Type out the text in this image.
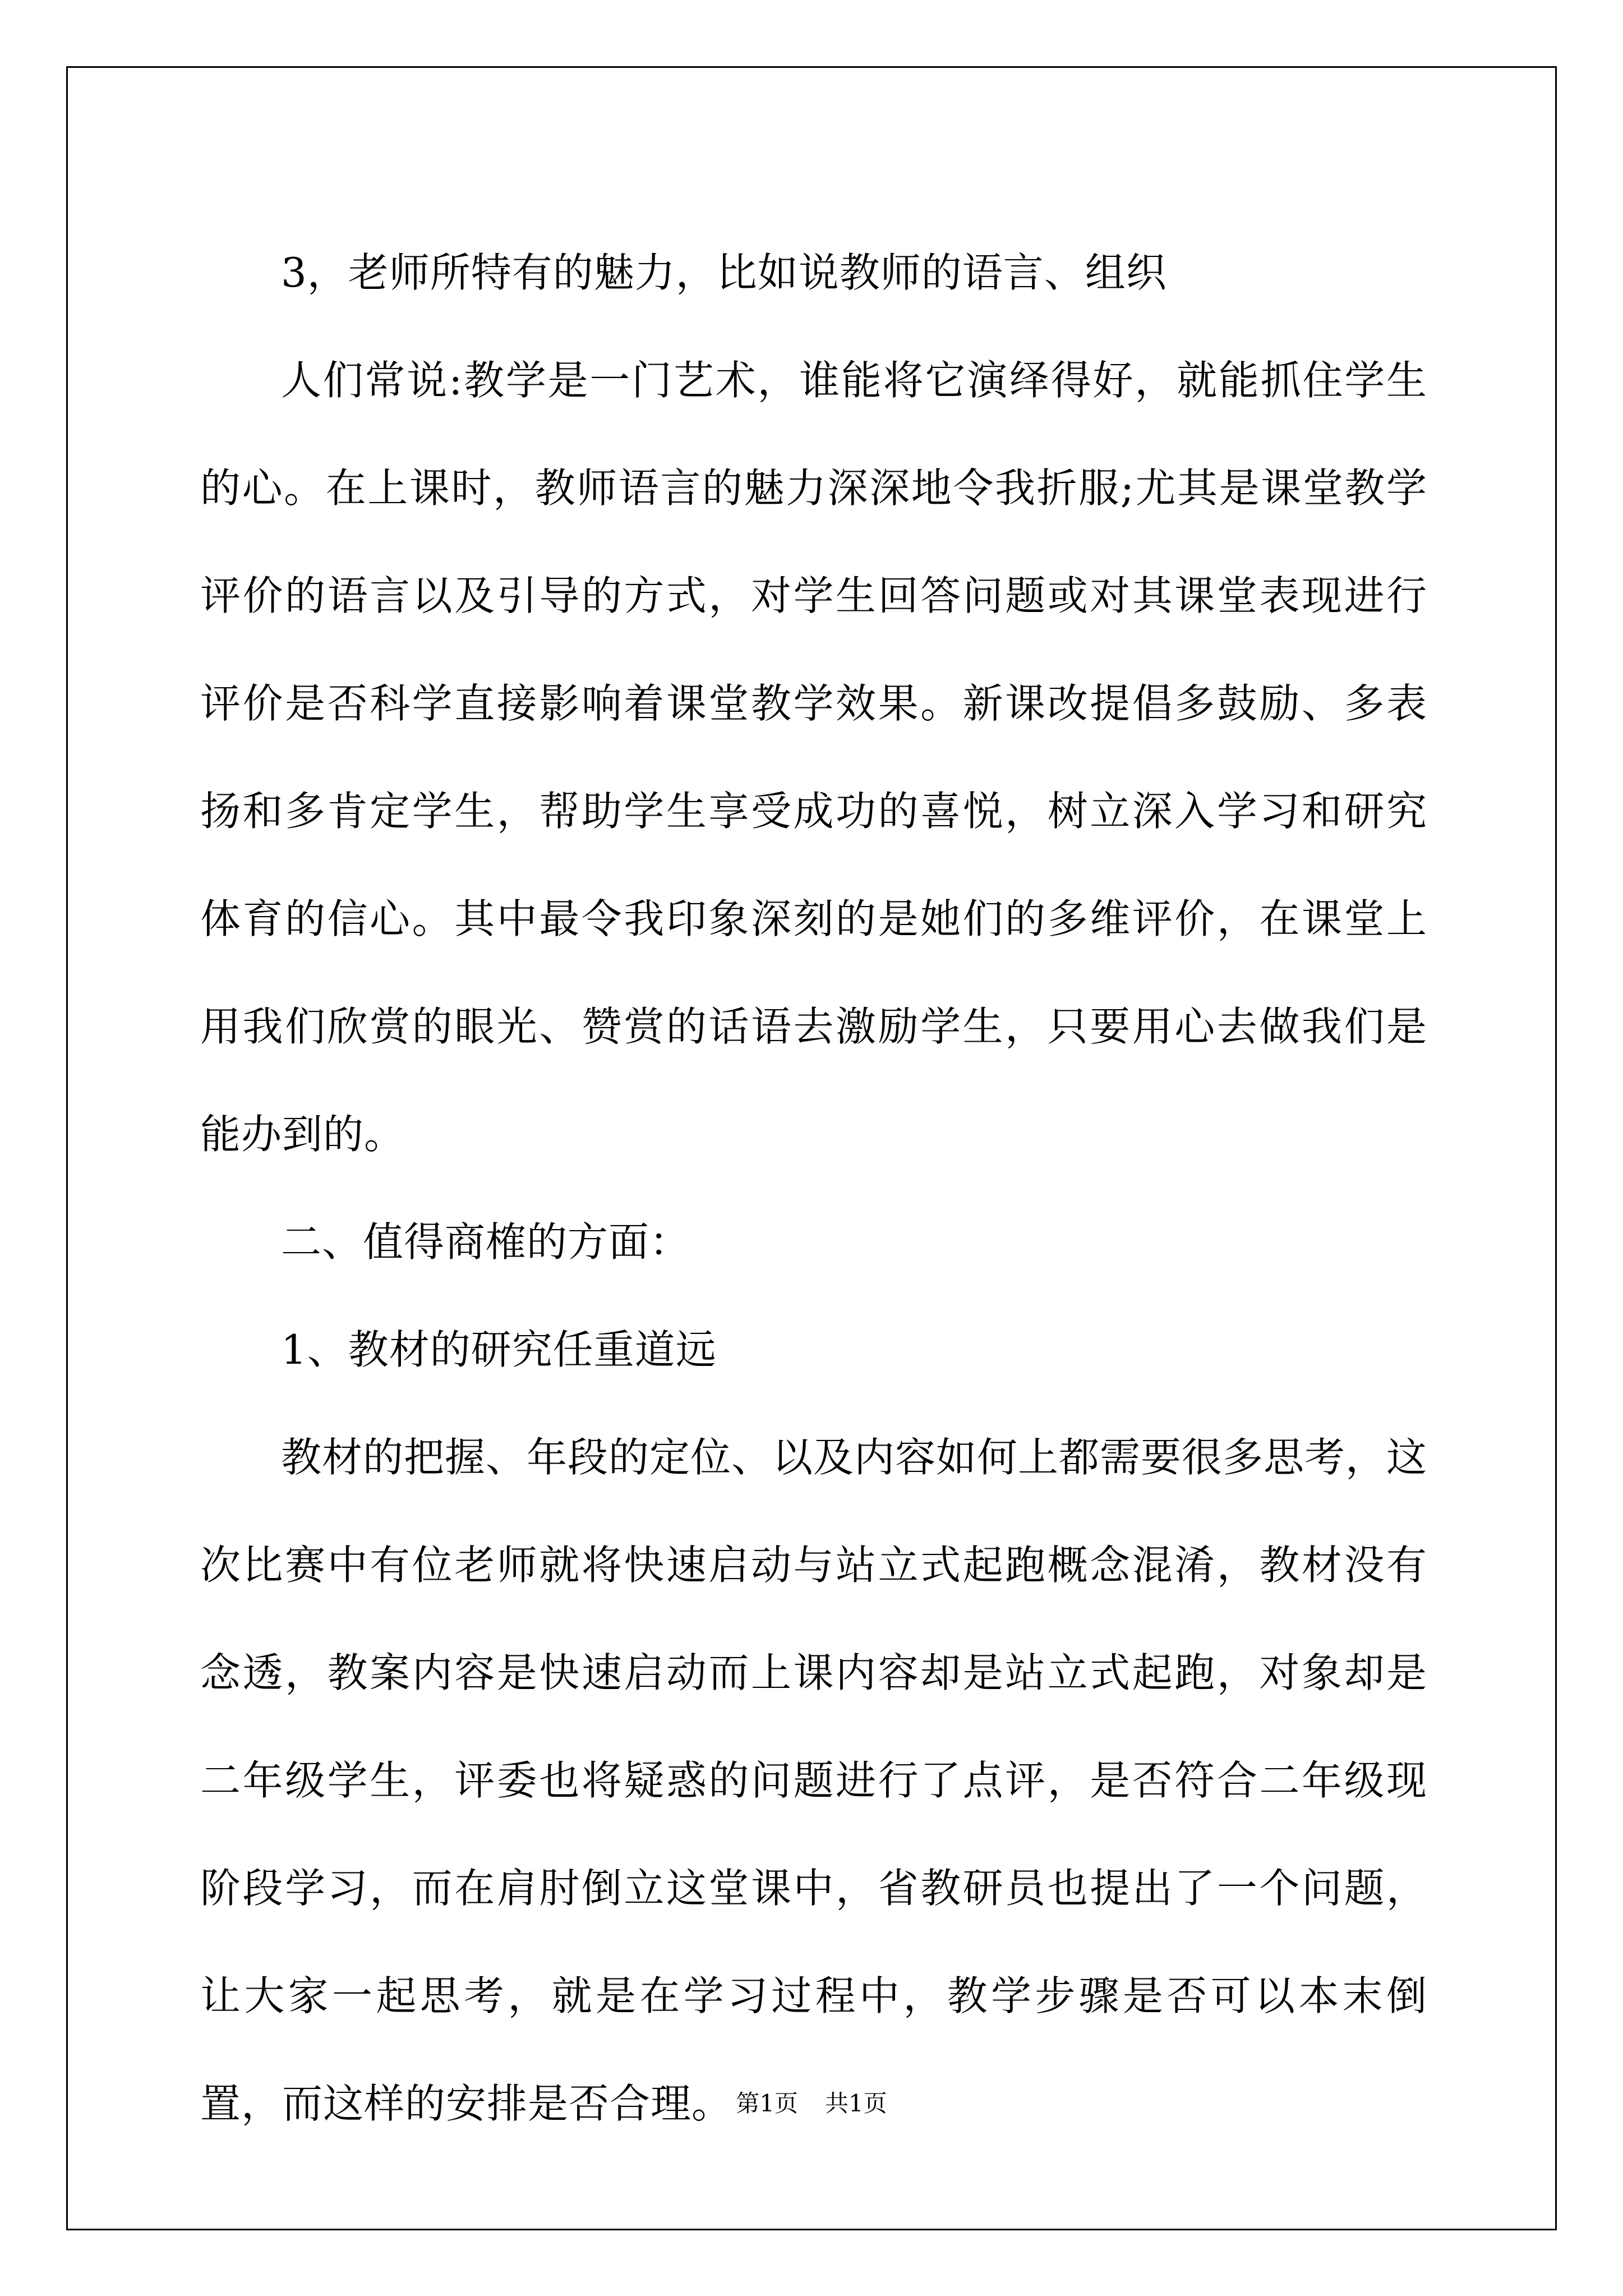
3，老师所特有的魅力，比如说教师的语言、组织

人们常说:教学是一门艺术，谁能将它演绎得好，就能抓住学生的心。在上课时，教师语言的魅力深深地令我折服;尤其是课堂教学评价的语言以及引导的方式，对学生回答问题或对其课堂表现进行评价是否科学直接影响着课堂教学效果。新课改提倡多鼓励、多表扬和多肯定学生，帮助学生享受成功的喜悦，树立深入学习和研究体育的信心。其中最令我印象深刻的是她们的多维评价，在课堂上用我们欣赏的眼光、赞赏的话语去激励学生，只要用心去做我们是能办到的。

二、值得商榷的方面：

1、教材的研究任重道远

教材的把握、年段的定位、以及内容如何上都需要很多思考，这次比赛中有位老师就将快速启动与站立式起跑概念混淆，教材没有念透，教案内容是快速启动而上课内容却是站立式起跑，对象却是二年级学生，评委也将疑惑的问题进行了点评，是否符合二年级现阶段学习，而在肩肘倒立这堂课中，省教研员也提出了一个问题，让大家一起思考，就是在学习过程中，教学步骤是否可以本末倒置，而这样的安排是否合理。 第1页 共1页
